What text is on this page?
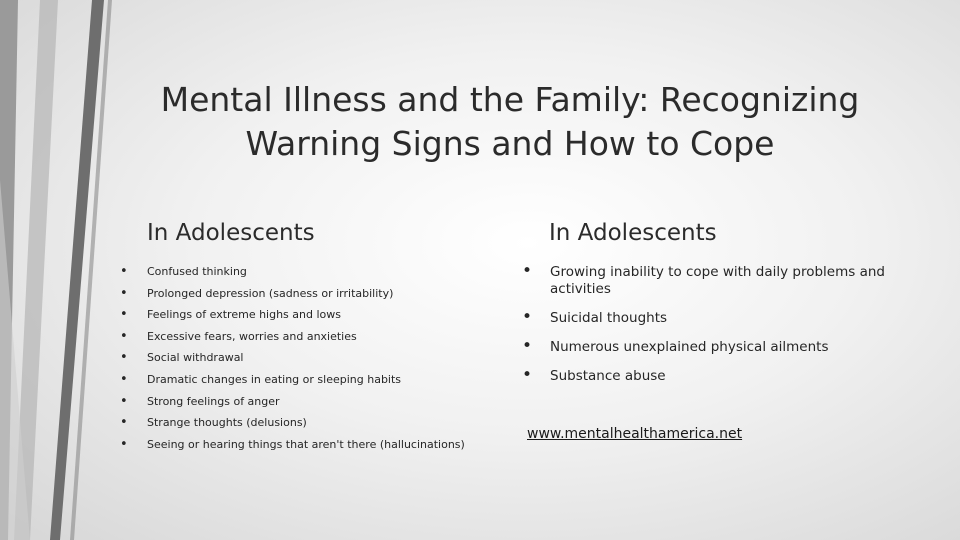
Mental Illness and the Family: Recognizing
Warning Signs and How to Cope
In Adolescents	In Adolescents
• Confused thinking
• Prolonged depression (sadness or irritability)
• Feelings of extreme highs and lows
• Excessive fears, worries and anxieties
• Social withdrawal
• Dramatic changes in eating or sleeping habits
• Strong feelings of anger
• Strange thoughts (delusions)
• Seeing or hearing things that aren't there (hallucinations)
• Growing inability to cope with daily problems and activities
• Suicidal thoughts
• Numerous unexplained physical ailments
• Substance abuse
www.mentalhealthamerica.net
